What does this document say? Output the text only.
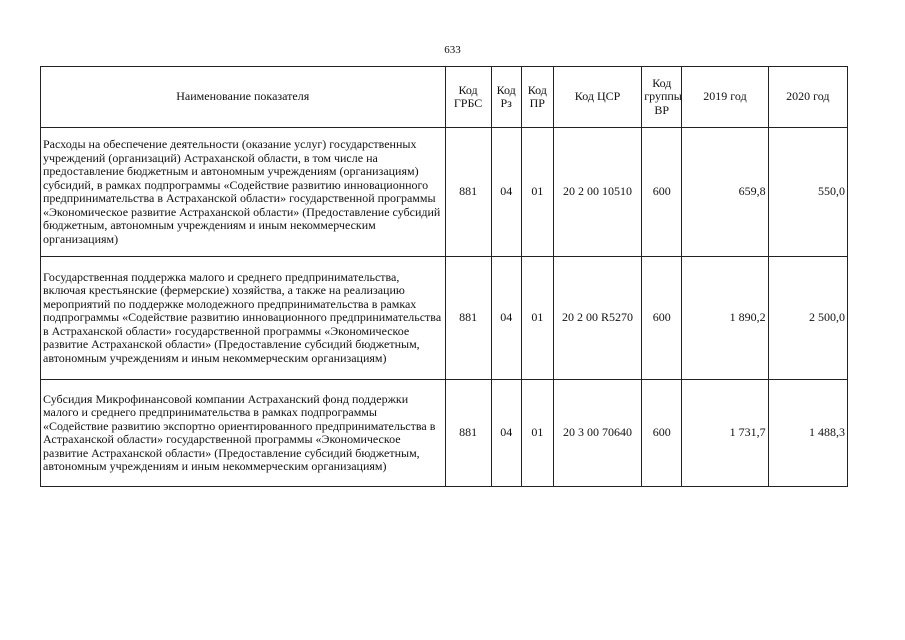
633
Наименование показателя	Код ГРБС	Код Рз	Код ПР	Код ЦСР	Код группы ВР	2019 год	2020 год
Расходы на обеспечение деятельности (оказание услуг) государственных учреждений (организаций) Астраханской области, в том числе на предоставление бюджетным и автономным учреждениям (организациям) субсидий, в рамках подпрограммы «Содействие развитию инновационного предпринимательства в Астраханской области» государственной программы «Экономическое развитие Астраханской области» (Предоставление субсидий бюджетным, автономным учреждениям и иным некоммерческим организациям)	881	04	01	20 2 00 10510	600	659,8	550,0
Государственная поддержка малого и среднего предпринимательства, включая крестьянские (фермерские) хозяйства, а также на реализацию мероприятий по поддержке молодежного предпринимательства в рамках подпрограммы «Содействие развитию инновационного предпринимательства в Астраханской области» государственной программы «Экономическое развитие Астраханской области» (Предоставление субсидий бюджетным, автономным учреждениям и иным некоммерческим организациям)	881	04	01	20 2 00 R5270	600	1 890,2	2 500,0
Субсидия Микрофинансовой компании Астраханский фонд поддержки малого и среднего предпринимательства в рамках подпрограммы «Содействие развитию экспортно ориентированного предпринимательства в Астраханской области» государственной программы «Экономическое развитие Астраханской области» (Предоставление субсидий бюджетным, автономным учреждениям и иным некоммерческим организациям)	881	04	01	20 3 00 70640	600	1 731,7	1 488,3
